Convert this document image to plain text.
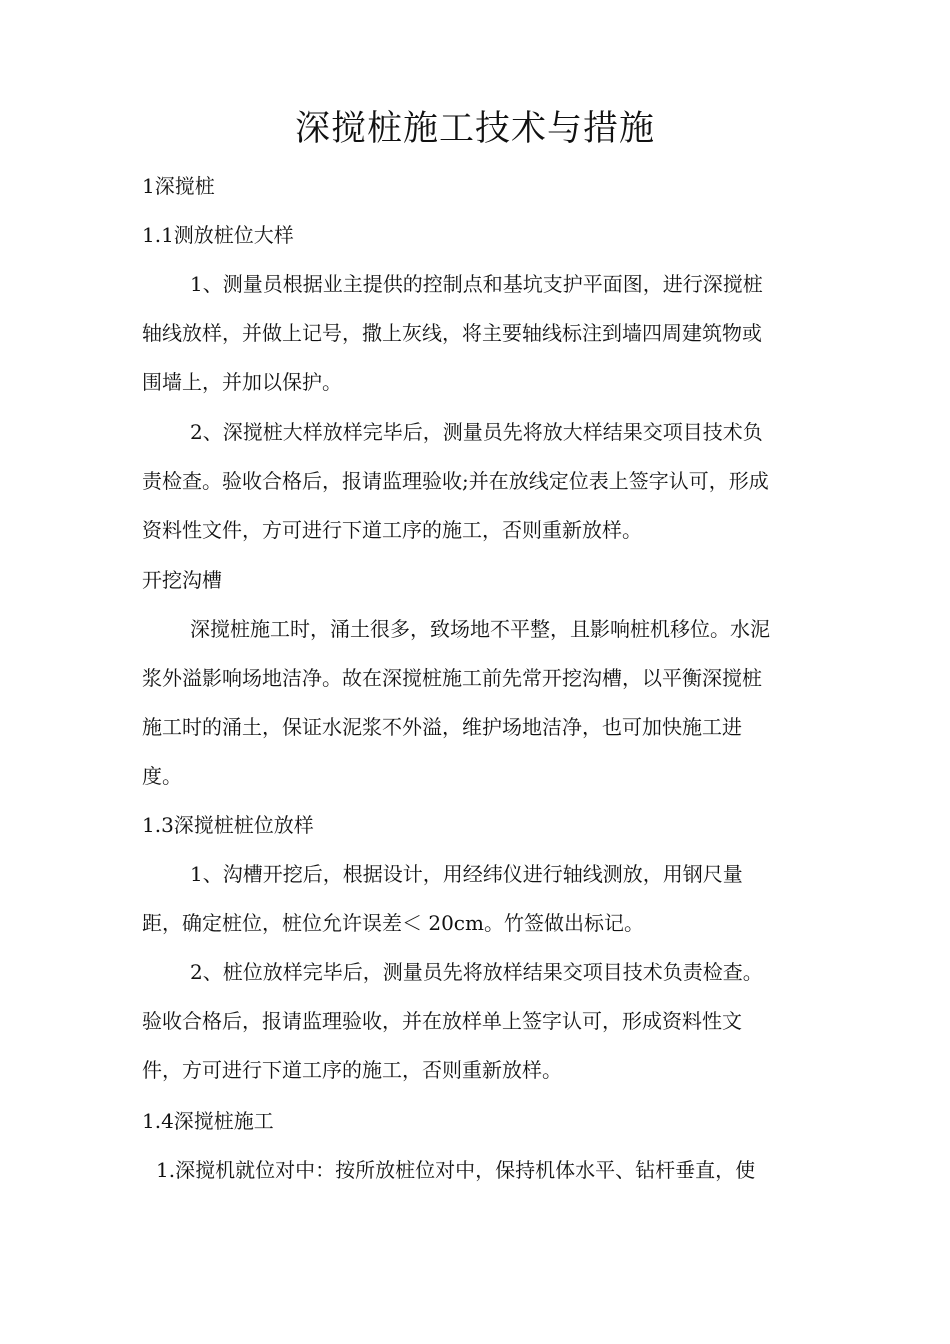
深搅桩施工技术与措施

1深搅桩

1.1测放桩位大样

1、测量员根据业主提供的控制点和基坑支护平面图，进行深搅桩
轴线放样，并做上记号，撒上灰线，将主要轴线标注到墙四周建筑物或
围墙上，并加以保护。
2、深搅桩大样放样完毕后，测量员先将放大样结果交项目技术负
责检查。验收合格后，报请监理验收;并在放线定位表上签字认可，形成
资料性文件，方可进行下道工序的施工，否则重新放样。

开挖沟槽

深搅桩施工时，涌土很多，致场地不平整，且影响桩机移位。水泥
浆外溢影响场地洁净。故在深搅桩施工前先常开挖沟槽，以平衡深搅桩
施工时的涌土，保证水泥浆不外溢，维护场地洁净，也可加快施工进
度。

1.3深搅桩桩位放样

1、沟槽开挖后，根据设计，用经纬仪进行轴线测放，用钢尺量
距，确定桩位，桩位允许误差＜ 20cm。竹签做出标记。
2、桩位放样完毕后，测量员先将放样结果交项目技术负责检查。
验收合格后，报请监理验收，并在放样单上签字认可，形成资料性文
件，方可进行下道工序的施工，否则重新放样。

1.4深搅桩施工

1.深搅机就位对中：按所放桩位对中，保持机体水平、钻杆垂直，使
